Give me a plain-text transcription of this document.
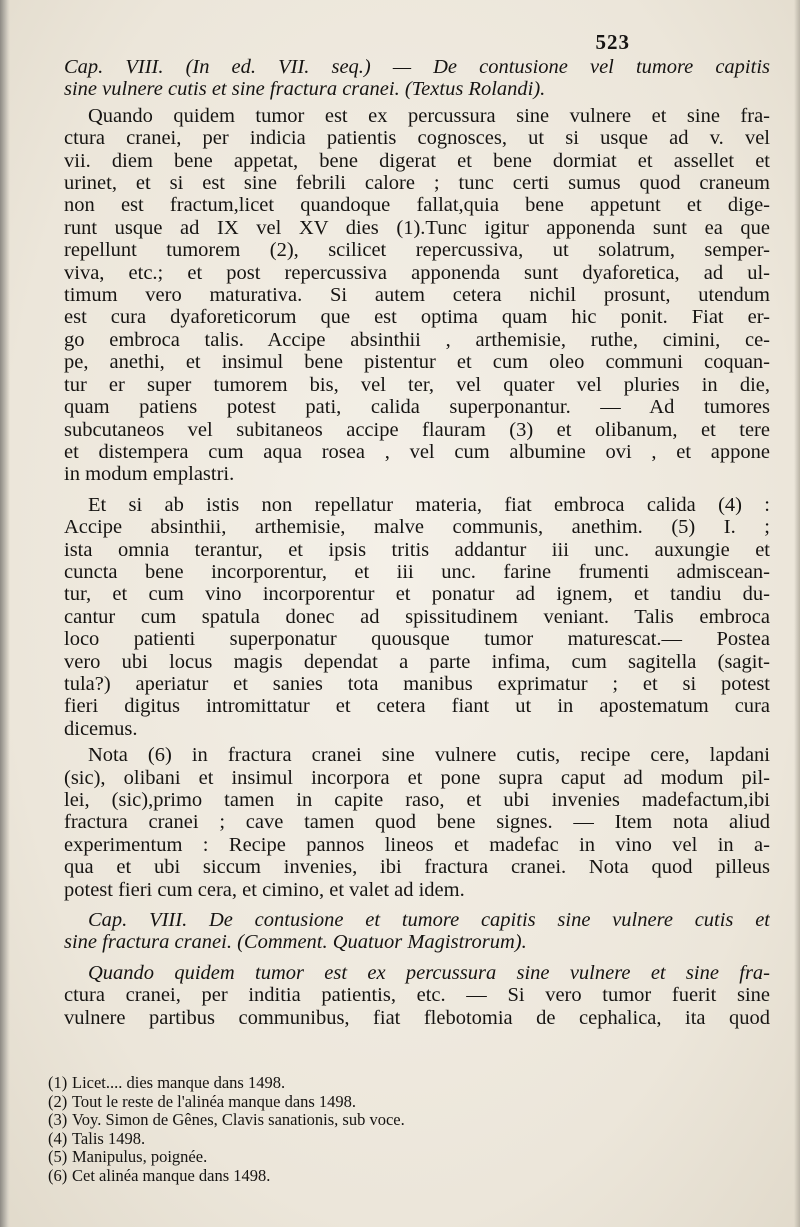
523
Cap. VIII. (In ed. VII. seq.) — De contusione vel tumore capitis
sine vulnere cutis et sine fractura cranei. (Textus Rolandi).
Quando quidem tumor est ex percussura sine vulnere et sine fra-
ctura cranei, per indicia patientis cognosces, ut si usque ad v. vel
vii. diem bene appetat, bene digerat et bene dormiat et assellet et
urinet, et si est sine febrili calore ; tunc certi sumus quod craneum
non est fractum,licet quandoque fallat,quia bene appetunt et dige-
runt usque ad IX vel XV dies (1).Tunc igitur apponenda sunt ea que
repellunt tumorem (2), scilicet repercussiva, ut solatrum, semper-
viva, etc.; et post repercussiva apponenda sunt dyaforetica, ad ul-
timum vero maturativa. Si autem cetera nichil prosunt, utendum
est cura dyaforeticorum que est optima quam hic ponit. Fiat er-
go embroca talis. Accipe absinthii , arthemisie, ruthe, cimini, ce-
pe, anethi, et insimul bene pistentur et cum oleo communi coquan-
tur er super tumorem bis, vel ter, vel quater vel pluries in die,
quam patiens potest pati, calida superponantur. — Ad tumores
subcutaneos vel subitaneos accipe flauram (3) et olibanum, et tere
et distempera cum aqua rosea , vel cum albumine ovi , et appone
in modum emplastri.
Et si ab istis non repellatur materia, fiat embroca calida (4) :
Accipe absinthii, arthemisie, malve communis, anethim. (5) I. ;
ista omnia terantur, et ipsis tritis addantur iii unc. auxungie et
cuncta bene incorporentur, et iii unc. farine frumenti admiscean-
tur, et cum vino incorporentur et ponatur ad ignem, et tandiu du-
cantur cum spatula donec ad spissitudinem veniant. Talis embroca
loco patienti superponatur quousque tumor maturescat.— Postea
vero ubi locus magis dependat a parte infima, cum sagitella (sagit-
tula?) aperiatur et sanies tota manibus exprimatur ; et si potest
fieri digitus intromittatur et cetera fiant ut in apostematum cura
dicemus.
Nota (6) in fractura cranei sine vulnere cutis, recipe cere, lapdani
(sic), olibani et insimul incorpora et pone supra caput ad modum pil-
lei, (sic),primo tamen in capite raso, et ubi invenies madefactum,ibi
fractura cranei ; cave tamen quod bene signes. — Item nota aliud
experimentum : Recipe pannos lineos et madefac in vino vel in a-
qua et ubi siccum invenies, ibi fractura cranei. Nota quod pilleus
potest fieri cum cera, et cimino, et valet ad idem.
Cap. VIII. De contusione et tumore capitis sine vulnere cutis et
sine fractura cranei. (Comment. Quatuor Magistrorum).
Quando quidem tumor est ex percussura sine vulnere et sine fra-
ctura cranei, per inditia patientis, etc. — Si vero tumor fuerit sine
vulnere partibus communibus, fiat flebotomia de cephalica, ita quod
(1) Licet.... dies manque dans 1498.
(2) Tout le reste de l'alinéa manque dans 1498.
(3) Voy. Simon de Gênes, Clavis sanationis, sub voce.
(4) Talis 1498.
(5) Manipulus, poignée.
(6) Cet alinéa manque dans 1498.
